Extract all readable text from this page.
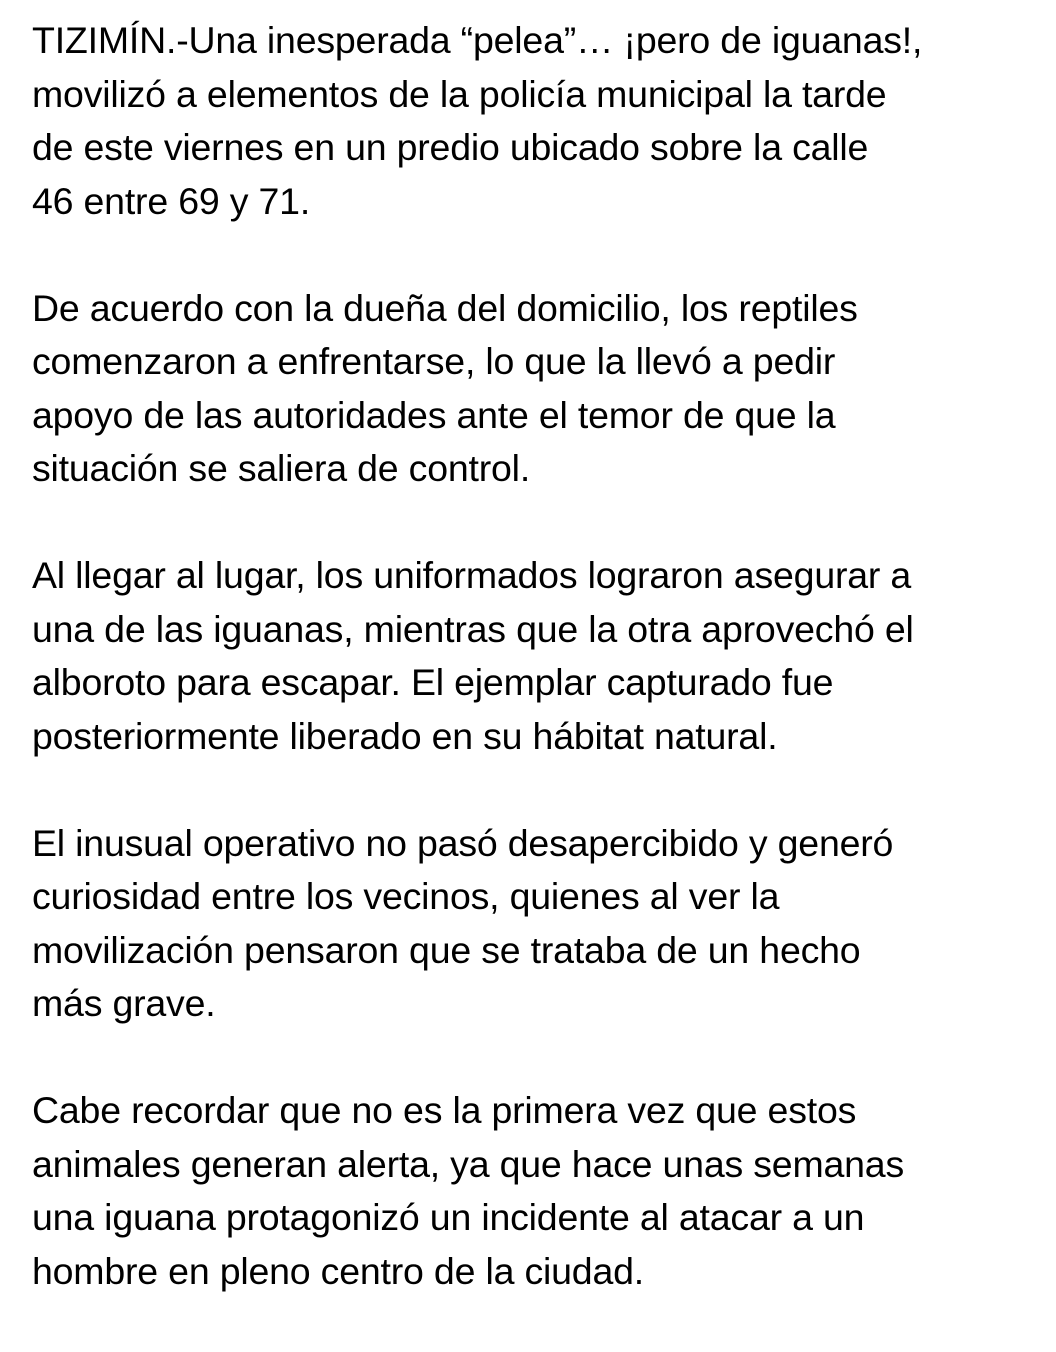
TIZIMÍN.-Una inesperada “pelea”… ¡pero de iguanas!,
movilizó a elementos de la policía municipal la tarde
de este viernes en un predio ubicado sobre la calle
46 entre 69 y 71.

De acuerdo con la dueña del domicilio, los reptiles
comenzaron a enfrentarse, lo que la llevó a pedir
apoyo de las autoridades ante el temor de que la
situación se saliera de control.

Al llegar al lugar, los uniformados lograron asegurar a
una de las iguanas, mientras que la otra aprovechó el
alboroto para escapar. El ejemplar capturado fue
posteriormente liberado en su hábitat natural.

El inusual operativo no pasó desapercibido y generó
curiosidad entre los vecinos, quienes al ver la
movilización pensaron que se trataba de un hecho
más grave.

Cabe recordar que no es la primera vez que estos
animales generan alerta, ya que hace unas semanas
una iguana protagonizó un incidente al atacar a un
hombre en pleno centro de la ciudad.
